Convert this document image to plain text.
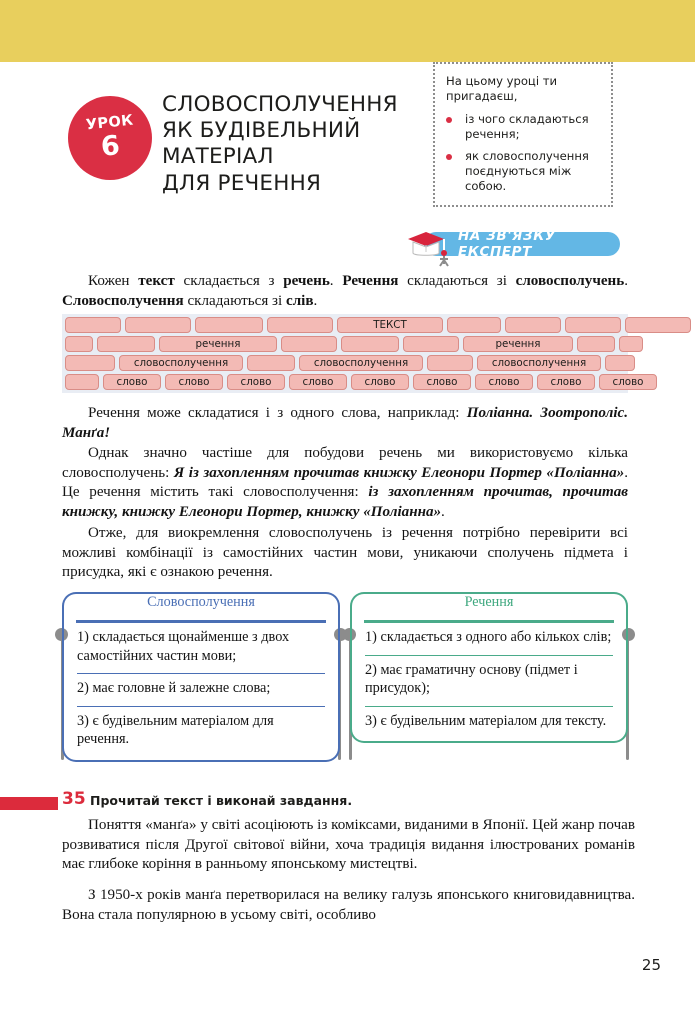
УРОК
6
СЛОВОСПОЛУЧЕННЯ
ЯК БУДІВЕЛЬНИЙ
МАТЕРІАЛ
ДЛЯ РЕЧЕННЯ

На цьому уроці ти пригадаєш,

із чого складаються речення;
як словосполучення поєднуються між собою.
НА ЗВ'ЯЗКУ ЕКСПЕРТ
Кожен текст складається з речень. Речення складаються зі словосполучень. Словосполучення складаються зі слів.
ТЕКСТ
речення	речення
словосполучення	словосполучення	словосполучення
слово	слово	слово	слово	слово	слово	слово	слово	слово
Речення може складатися і з одного слова, наприклад: Поліанна. Зоотрополіс. Манґа!
Однак значно частіше для побудови речень ми використовуємо кілька словосполучень: Я із захопленням прочитав книжку Елеонори Портер «Поліанна». Це речення містить такі словосполучення: із захопленням прочитав, прочитав книжку, книжку Елеонори Портер, книжку «Поліанна».
Отже, для виокремлення словосполучень із речення потрібно перевірити всі можливі комбінації із самостійних частин мови, уникаючи сполучень підмета і присудка, які є ознакою речення.
Словосполучення
1) складається щонайменше з двох самостійних частин мови;
2) має головне й залежне слова;
3) є будівельним матеріалом для речення.
Речення
1) складається з одного або кількох слів;
2) має граматичну основу (підмет і присудок);
3) є будівельним матеріалом для тексту.
35 Прочитай текст і виконай завдання.
Поняття «манґа» у світі асоціюють із коміксами, виданими в Японії. Цей жанр почав розвиватися після Другої світової війни, хоча традиція видання ілюстрованих романів має глибоке коріння в ранньому японському мистецтві.
З 1950-х років манґа перетворилася на велику галузь японського книговидавництва. Вона стала популярною в усьому світі, особливо
25
